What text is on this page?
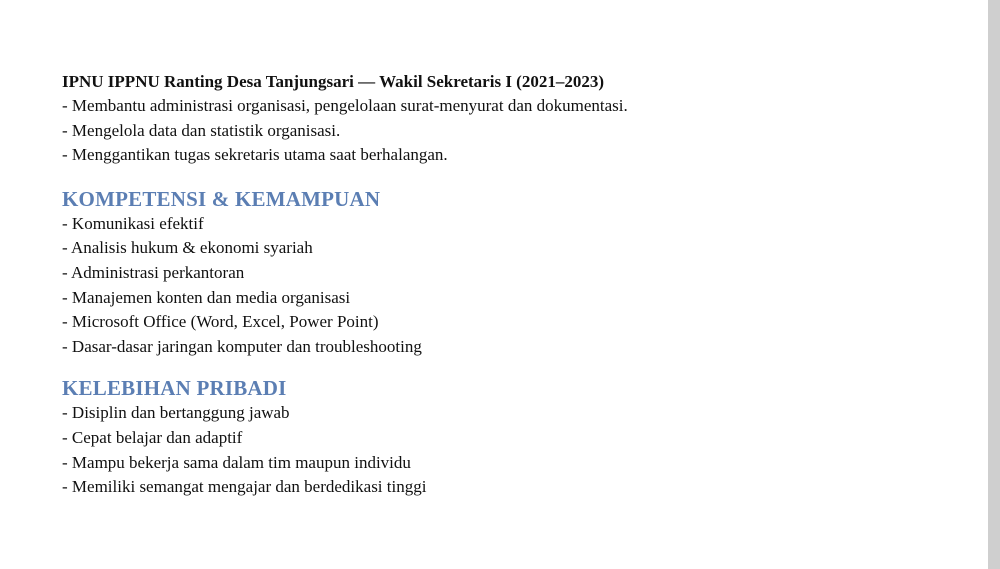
IPNU IPPNU Ranting Desa Tanjungsari — Wakil Sekretaris I (2021–2023)

- Membantu administrasi organisasi, pengelolaan surat-menyurat dan dokumentasi.

- Mengelola data dan statistik organisasi.

- Menggantikan tugas sekretaris utama saat berhalangan.

KOMPETENSI & KEMAMPUAN

- Komunikasi efektif

- Analisis hukum & ekonomi syariah

- Administrasi perkantoran

- Manajemen konten dan media organisasi

- Microsoft Office (Word, Excel, Power Point)

- Dasar-dasar jaringan komputer dan troubleshooting

KELEBIHAN PRIBADI

- Disiplin dan bertanggung jawab

- Cepat belajar dan adaptif

- Mampu bekerja sama dalam tim maupun individu

- Memiliki semangat mengajar dan berdedikasi tinggi
